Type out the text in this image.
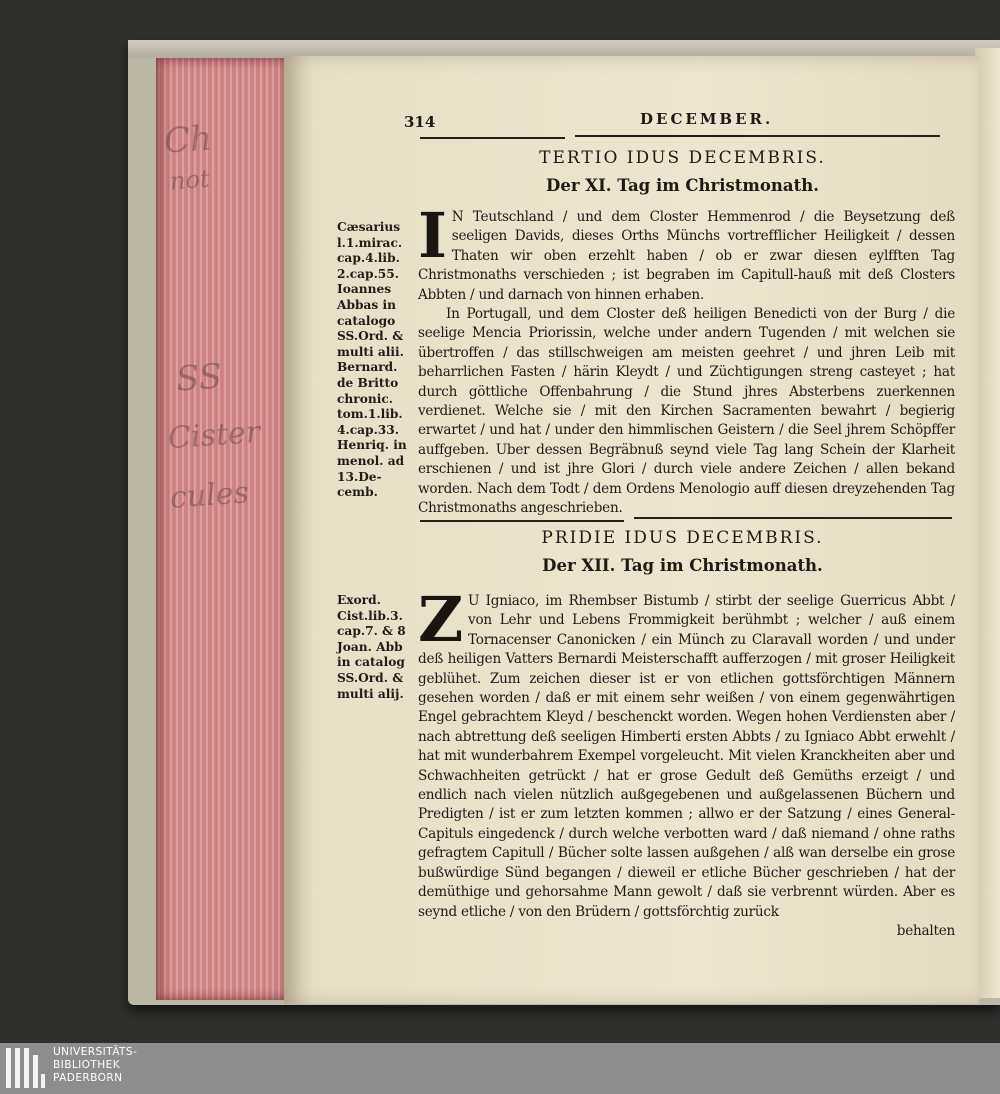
Ch
not
SS
Cister
cules
314	DECEMBER.
TERTIO IDUS DECEMBRIS.
Der XI. Tag im Christmonath.
Cæsarius l.1.mirac. cap.4.lib. 2.cap.55. Ioannes Abbas in catalogo SS.Ord. & multi alii. Bernard. de Britto chronic. tom.1.lib. 4.cap.33. Henriq. in menol. ad 13.De- cemb.

I N Teutschland / und dem Closter Hemmenrod / die Beysetzung deß seeligen Davids, dieses Orths Münchs vortrefflicher Heiligkeit / dessen Thaten wir oben erzehlt haben / ob er zwar diesen eylfften Tag Christmonaths verschieden ; ist begraben im Capitull-hauß mit deß Closters Abbten / und darnach von hinnen erhaben.

In Portugall, und dem Closter deß heiligen Benedicti von der Burg / die seelige Mencia Priorissin, welche under andern Tugenden / mit welchen sie übertroffen / das stillschweigen am meisten geehret / und jhren Leib mit beharrlichen Fasten / härin Kleydt / und Züchtigungen streng casteyet ; hat durch göttliche Offenbahrung / die Stund jhres Absterbens zuerkennen verdienet. Welche sie / mit den Kirchen Sacramenten bewahrt / begierig erwartet / und hat / under den himmlischen Geistern / die Seel jhrem Schöpffer auffgeben. Uber dessen Begräbnuß seynd viele Tag lang Schein der Klarheit erschienen / und ist jhre Glori / durch viele andere Zeichen / allen bekand worden. Nach dem Todt / dem Ordens Menologio auff diesen dreyzehenden Tag Christmonaths angeschrieben.

PRIDIE IDUS DECEMBRIS.
Der XII. Tag im Christmonath.
Exord. Cist.lib.3. cap.7. & 8 Joan. Abb in catalog SS.Ord. & multi alij.

Z U Igniaco, im Rhembser Bistumb / stirbt der seelige Guerricus Abbt / von Lehr und Lebens Frommigkeit berühmbt ; welcher / auß einem Tornacenser Canonicken / ein Münch zu Claravall worden / und under deß heiligen Vatters Bernardi Meisterschafft aufferzogen / mit groser Heiligkeit geblühet. Zum zeichen dieser ist er von etlichen gottsförchtigen Männern gesehen worden / daß er mit einem sehr weißen / von einem gegenwährtigen Engel gebrachtem Kleyd / beschenckt worden. Wegen hohen Verdiensten aber / nach abtrettung deß seeligen Himberti ersten Abbts / zu Igniaco Abbt erwehlt / hat mit wunderbahrem Exempel vorgeleucht. Mit vielen Kranckheiten aber und Schwachheiten getrückt / hat er grose Gedult deß Gemüths erzeigt / und endlich nach vielen nützlich außgegebenen und außgelassenen Büchern und Predigten / ist er zum letzten kommen ; allwo er der Satzung / eines General-Capituls eingedenck / durch welche verbotten ward / daß niemand / ohne raths gefragtem Capitull / Bücher solte lassen außgehen / alß wan derselbe ein grose bußwürdige Sünd begangen / dieweil er etliche Bücher geschrieben / hat der demüthige und gehorsahme Mann gewolt / daß sie verbrennt würden. Aber es seynd etliche / von den Brüdern / gottsförchtig zurück

behalten

UNIVERSITÄTS-
BIBLIOTHEK
PADERBORN
